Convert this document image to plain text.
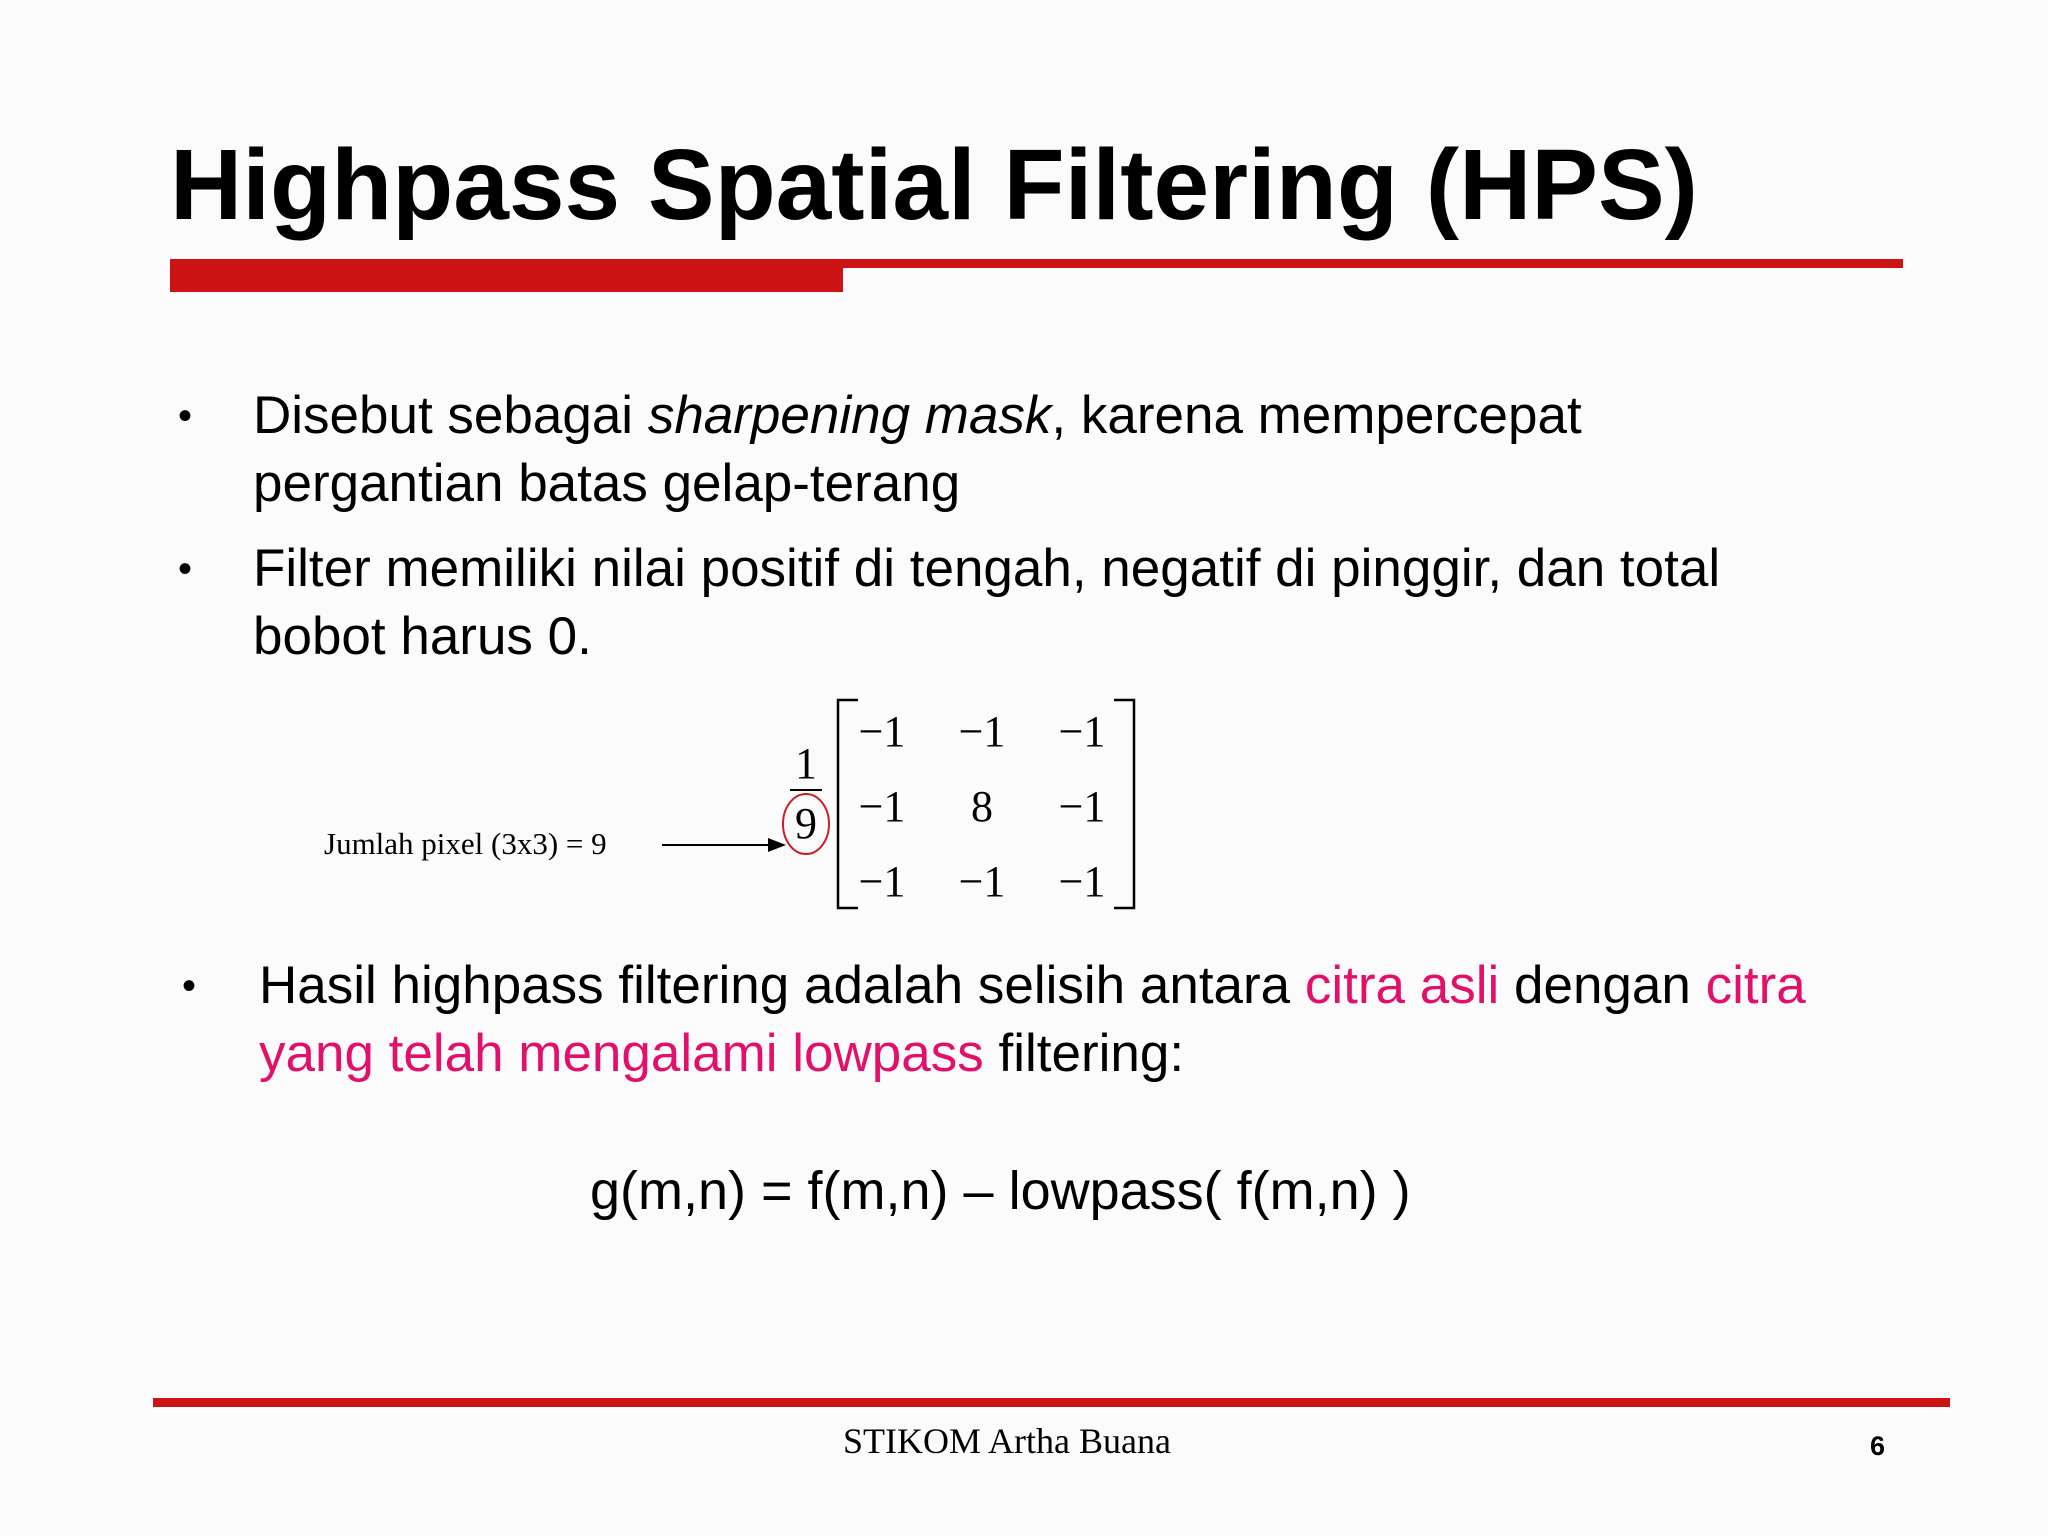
Highpass Spatial Filtering (HPS)
• Disebut sebagai sharpening mask, karena mempercepat
pergantian batas gelap-terang
• Filter memiliki nilai positif di tengah, negatif di pinggir, dan total
bobot harus 0.
Jumlah pixel (3x3) = 9
1
9
−1 −1 −1
−1 8 −1
−1 −1 −1
• Hasil highpass filtering adalah selisih antara citra asli dengan citra
yang telah mengalami lowpass filtering:
g(m,n) = f(m,n) – lowpass( f(m,n) )
STIKOM Artha Buana	6
